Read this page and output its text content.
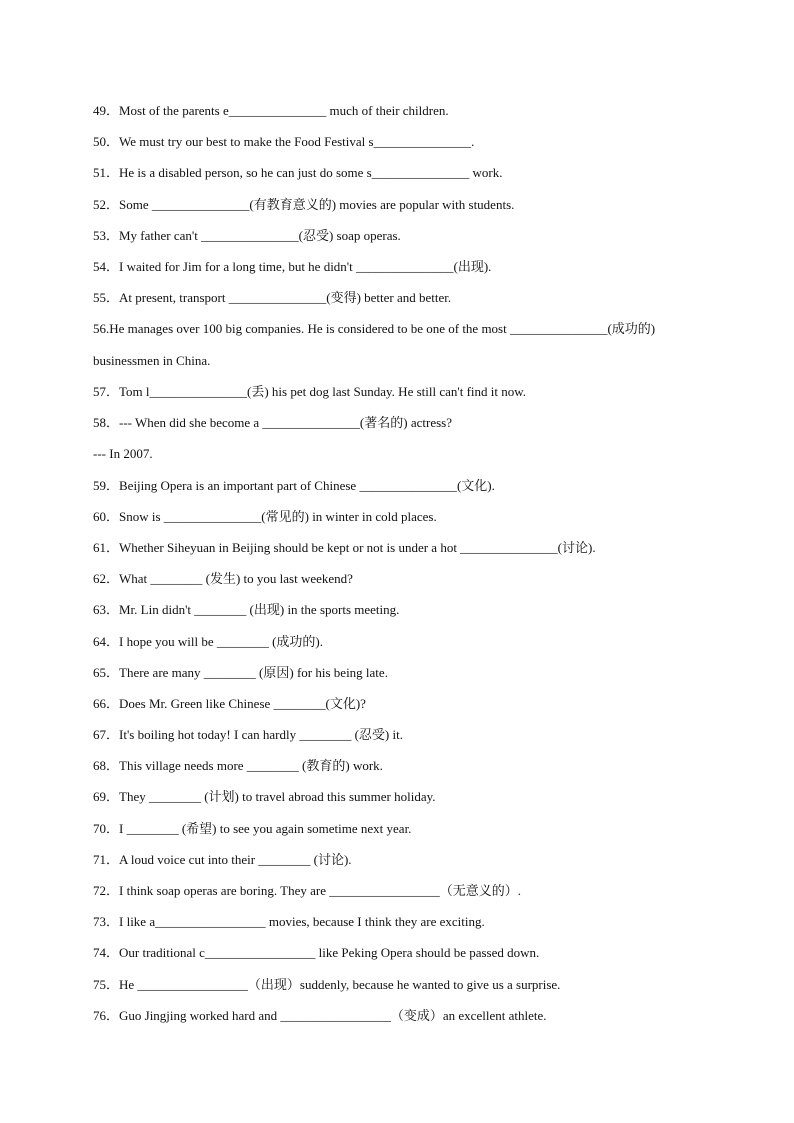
49．Most of the parents e_______________ much of their children.
50．We must try our best to make the Food Festival s_______________.
51．He is a disabled person, so he can just do some s_______________ work.
52．Some _______________(有教育意义的) movies are popular with students.
53．My father can't _______________(忍受) soap operas.
54．I waited for Jim for a long time, but he didn't _______________(出现).
55．At present, transport _______________(变得) better and better.
56.He manages over 100 big companies. He is considered to be one of the most _______________(成功的)
businessmen in China.
57．Tom l_______________(丢) his pet dog last Sunday. He still can't find it now.
58．--- When did she become a _______________(著名的) actress?
--- In 2007.
59．Beijing Opera is an important part of Chinese _______________(文化).
60．Snow is _______________(常见的) in winter in cold places.
61．Whether Siheyuan in Beijing should be kept or not is under a hot _______________(讨论).
62．What ________ (发生) to you last weekend?
63．Mr. Lin didn't ________ (出现) in the sports meeting.
64．I hope you will be ________ (成功的).
65．There are many ________ (原因) for his being late.
66．Does Mr. Green like Chinese ________(文化)?
67．It's boiling hot today! I can hardly ________ (忍受) it.
68．This village needs more ________ (教育的) work.
69．They ________ (计划) to travel abroad this summer holiday.
70．I ________ (希望) to see you again sometime next year.
71．A loud voice cut into their ________ (讨论).
72．I think soap operas are boring. They are _________________（无意义的）.
73．I like a_________________ movies, because I think they are exciting.
74．Our traditional c_________________ like Peking Opera should be passed down.
75．He _________________（出现）suddenly, because he wanted to give us a surprise.
76．Guo Jingjing worked hard and _________________（变成）an excellent athlete.
